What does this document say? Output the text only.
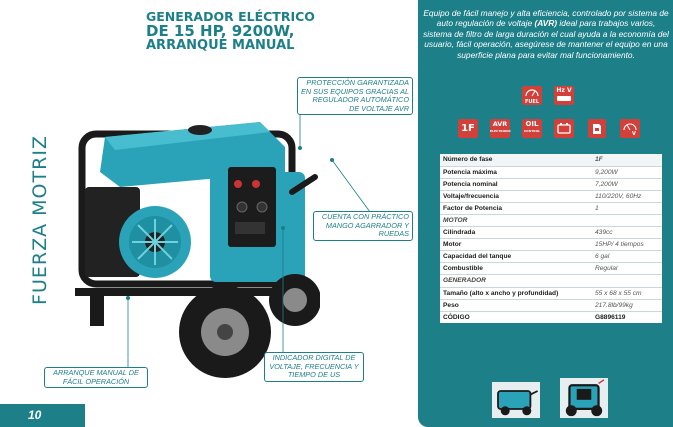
GENERADOR ELÉCTRICO
DE 15 HP, 9200W,
ARRANQUE MANUAL
FUERZA MOTRIZ
PROTECCIÓN GARANTIZADA EN SUS EQUIPOS GRACIAS AL REGULADOR AUTOMÁTICO DE VOLTAJE AVR
CUENTA CON PRÁCTICO MANGO AGARRADOR Y RUEDAS
ARRANQUE MANUAL DE FÁCIL OPERACIÓN
INDICADOR DIGITAL DE VOLTAJE, FRECUENCIA Y TIEMPO DE US
10

Equipo de fácil manejo y alta eficiencia, controlado por sistema de auto regulación de voltaje (AVR) ideal para trabajos varios, sistema de filtro de larga duración el cual ayuda a la economía del usuario, fácil operación, asegúrese de mantener el equipo en una superficie plana para evitar mal funcionamiento.

FUEL
Hz V
1F	AVR
ELECTRONIC
OIL
CONTROL	V
Número de fase	1F
Potencia máxima	9,200W
Potencia nominal	7,200W
Voltaje/frecuencia	110/220V, 60Hz
Factor de Potencia	1
MOTOR	
Cilindrada	439cc
Motor	15HP/ 4 tiempos
Capacidad del tanque	6 gal
Combustible	Regular
GENERADOR	
Tamaño (alto x ancho y profundidad)	55 x 68 x 55 cm
Peso	217.8lb/99kg
CÓDIGO	G8896119
